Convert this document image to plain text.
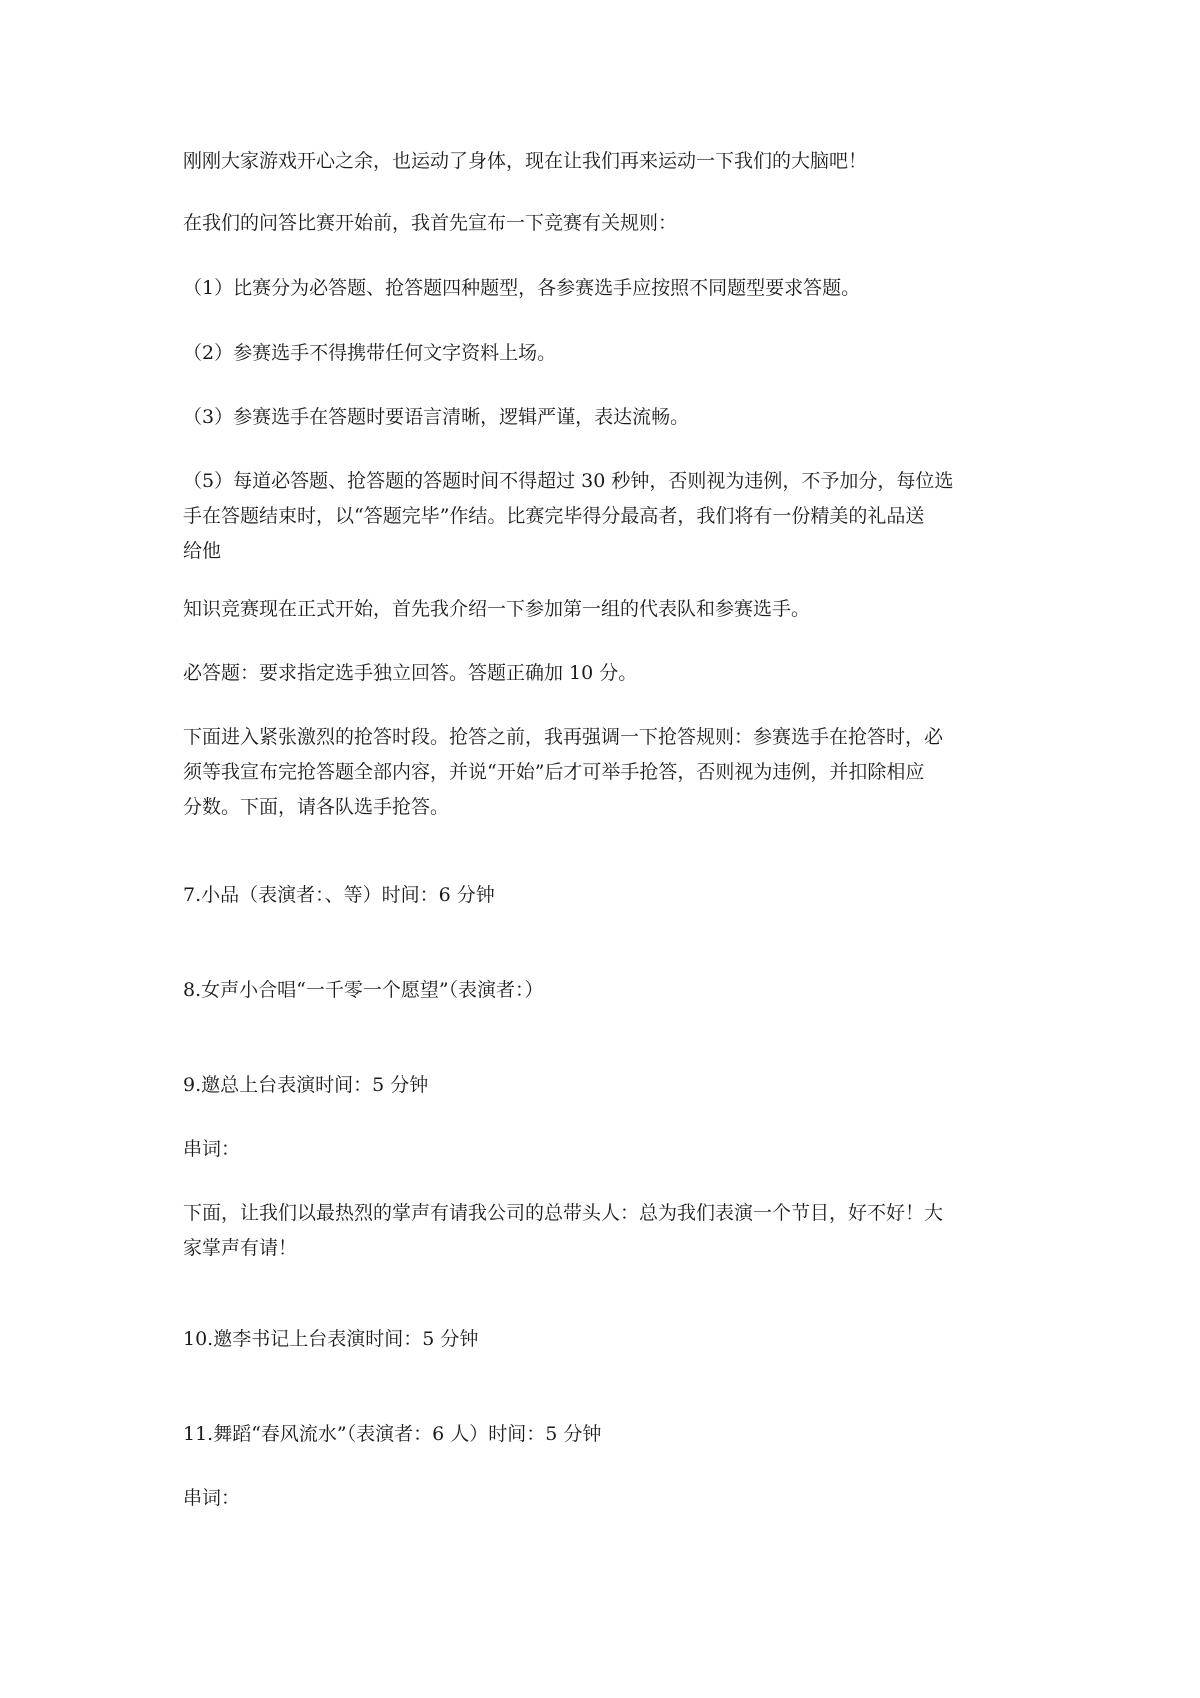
刚刚大家游戏开心之余，也运动了身体，现在让我们再来运动一下我们的大脑吧！

在我们的问答比赛开始前，我首先宣布一下竞赛有关规则：

（1）比赛分为必答题、抢答题四种题型，各参赛选手应按照不同题型要求答题。

（2）参赛选手不得携带任何文字资料上场。

（3）参赛选手在答题时要语言清晰，逻辑严谨，表达流畅。

（5）每道必答题、抢答题的答题时间不得超过 30 秒钟，否则视为违例，不予加分，每位选
手在答题结束时，以“答题完毕”作结。比赛完毕得分最高者，我们将有一份精美的礼品送
给他

知识竞赛现在正式开始，首先我介绍一下参加第一组的代表队和参赛选手。

必答题：要求指定选手独立回答。答题正确加 10 分。

下面进入紧张激烈的抢答时段。抢答之前，我再强调一下抢答规则：参赛选手在抢答时，必
须等我宣布完抢答题全部内容，并说“开始”后才可举手抢答，否则视为违例，并扣除相应
分数。下面，请各队选手抢答。

7.小品（表演者：、等）时间：6 分钟

8.女声小合唱“一千零一个愿望”（表演者：）

9.邀总上台表演时间：5 分钟

串词：

下面，让我们以最热烈的掌声有请我公司的总带头人：总为我们表演一个节目，好不好！大
家掌声有请！

10.邀李书记上台表演时间：5 分钟

11.舞蹈“春风流水”（表演者：6 人）时间：5 分钟

串词：
